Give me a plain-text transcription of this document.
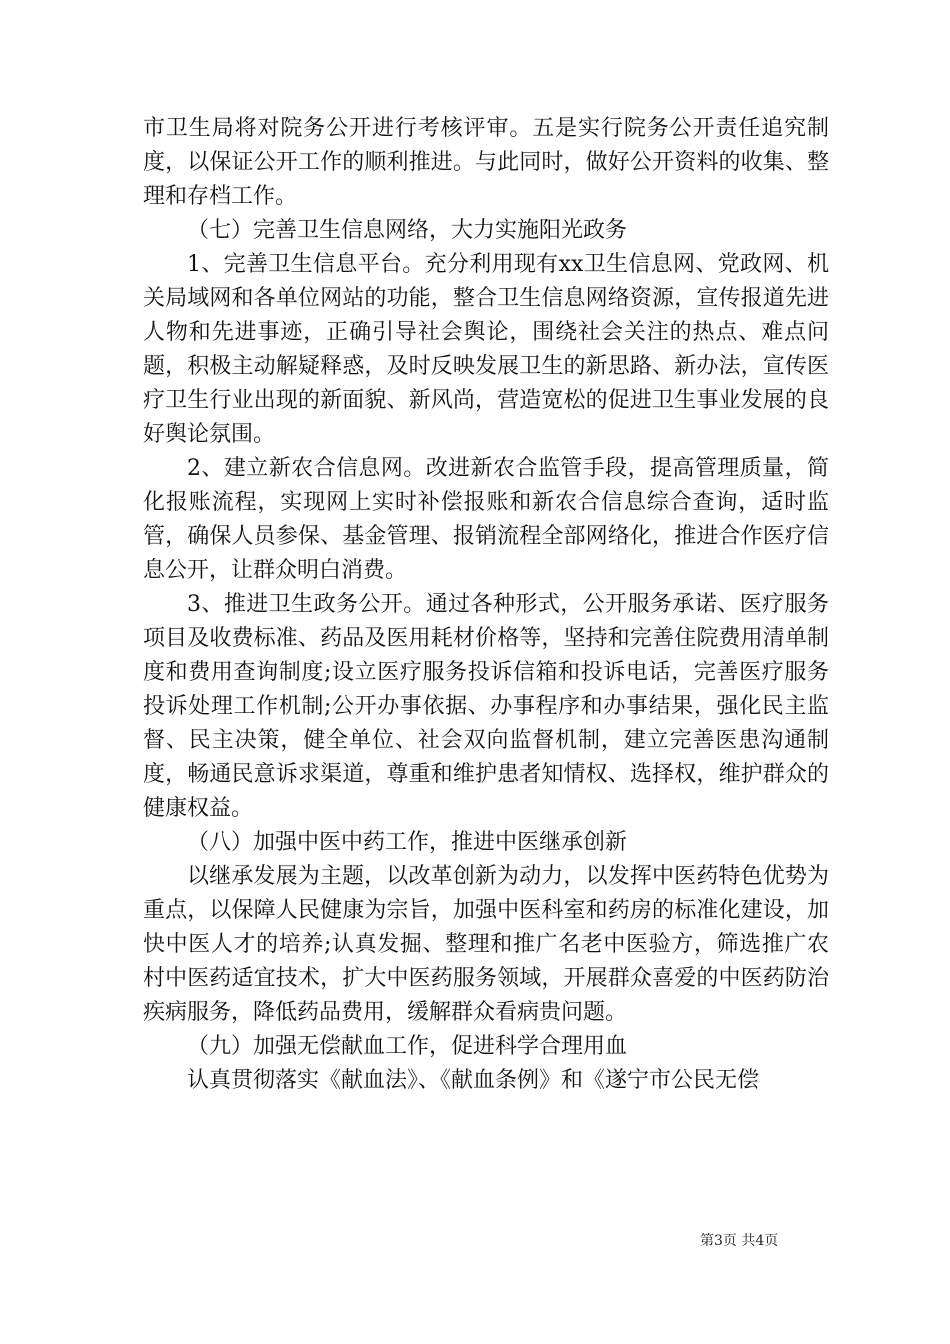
市卫生局将对院务公开进行考核评审。五是实行院务公开责任追究制度，以保证公开工作的顺利推进。与此同时，做好公开资料的收集、整理和存档工作。

（七）完善卫生信息网络，大力实施阳光政务

1、完善卫生信息平台。充分利用现有xx卫生信息网、党政网、机关局域网和各单位网站的功能，整合卫生信息网络资源，宣传报道先进人物和先进事迹，正确引导社会舆论，围绕社会关注的热点、难点问题，积极主动解疑释惑，及时反映发展卫生的新思路、新办法，宣传医疗卫生行业出现的新面貌、新风尚，营造宽松的促进卫生事业发展的良好舆论氛围。

2、建立新农合信息网。改进新农合监管手段，提高管理质量，简化报账流程，实现网上实时补偿报账和新农合信息综合查询，适时监管，确保人员参保、基金管理、报销流程全部网络化，推进合作医疗信息公开，让群众明白消费。

3、推进卫生政务公开。通过各种形式，公开服务承诺、医疗服务项目及收费标准、药品及医用耗材价格等，坚持和完善住院费用清单制度和费用查询制度;设立医疗服务投诉信箱和投诉电话，完善医疗服务投诉处理工作机制;公开办事依据、办事程序和办事结果，强化民主监督、民主决策，健全单位、社会双向监督机制，建立完善医患沟通制度，畅通民意诉求渠道，尊重和维护患者知情权、选择权，维护群众的健康权益。

（八）加强中医中药工作，推进中医继承创新

以继承发展为主题，以改革创新为动力，以发挥中医药特色优势为重点，以保障人民健康为宗旨，加强中医科室和药房的标准化建设，加快中医人才的培养;认真发掘、整理和推广名老中医验方，筛选推广农村中医药适宜技术，扩大中医药服务领域，开展群众喜爱的中医药防治疾病服务，降低药品费用，缓解群众看病贵问题。

（九）加强无偿献血工作，促进科学合理用血

认真贯彻落实《献血法》、《献血条例》和《遂宁市公民无偿

第3页 共4页
